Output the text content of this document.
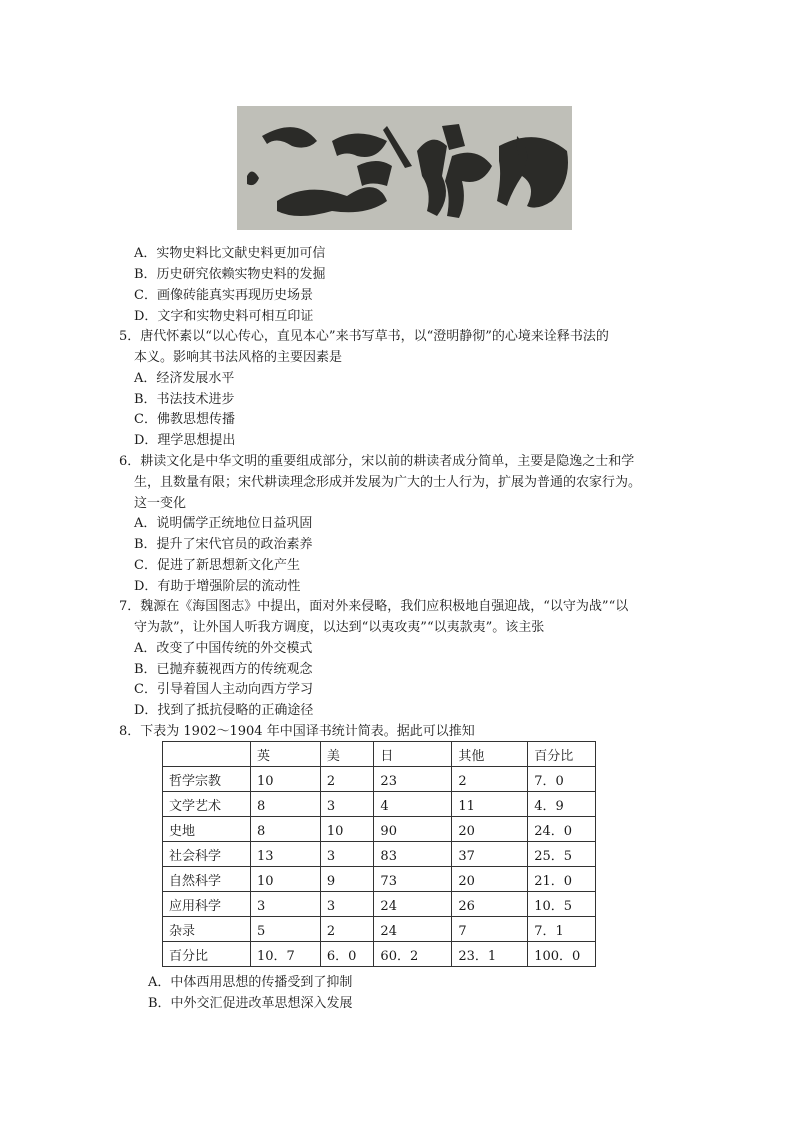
A．实物史料比文献史料更加可信
B．历史研究依赖实物史料的发掘
C．画像砖能真实再现历史场景
D．文字和实物史料可相互印证
5．唐代怀素以“以心传心，直见本心”来书写草书，以“澄明静彻”的心境来诠释书法的
本义。影响其书法风格的主要因素是
A．经济发展水平
B．书法技术进步
C．佛教思想传播
D．理学思想提出
6．耕读文化是中华文明的重要组成部分，宋以前的耕读者成分简单，主要是隐逸之士和学
生，且数量有限；宋代耕读理念形成并发展为广大的士人行为，扩展为普通的农家行为。
这一变化
A．说明儒学正统地位日益巩固
B．提升了宋代官员的政治素养
C．促进了新思想新文化产生
D．有助于增强阶层的流动性
7．魏源在《海国图志》中提出，面对外来侵略，我们应积极地自强迎战，“以守为战”“以
守为款”，让外国人听我方调度，以达到“以夷攻夷”“以夷款夷”。该主张
A．改变了中国传统的外交模式
B．已抛弃藐视西方的传统观念
C．引导着国人主动向西方学习
D．找到了抵抗侵略的正确途径
8．下表为 1902～1904 年中国译书统计简表。据此可以推知
	英	美	日	其他	百分比
哲学宗教	10	2	23	2	7．0
文学艺术	8	3	4	11	4．9
史地	8	10	90	20	24．0
社会科学	13	3	83	37	25．5
自然科学	10	9	73	20	21．0
应用科学	3	3	24	26	10．5
杂录	5	2	24	7	7．1
百分比	10．7	6．0	60．2	23．1	100．0
A．中体西用思想的传播受到了抑制
B．中外交汇促进改革思想深入发展
